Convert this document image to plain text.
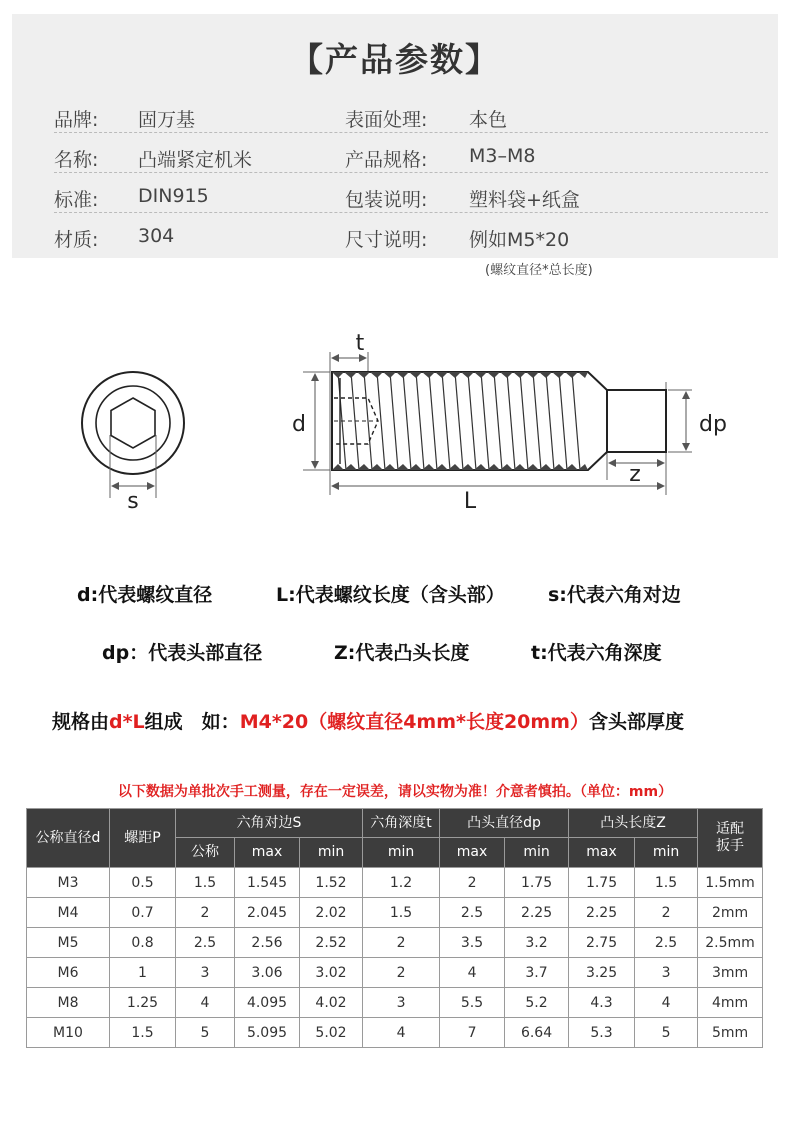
【产品参数】
品牌: 固万基	表面处理: 本色
名称: 凸端紧定机米	产品规格: M3–M8
标准: DIN915	包装说明: 塑料袋+纸盒
材质: 304	尺寸说明: 例如M5*20
(螺纹直径*总长度)
s
t
d	dp
z
L
d:代表螺纹直径	L:代表螺纹长度（含头部） s:代表六角对边
dp：代表头部直径	Z:代表凸头长度	t:代表六角深度
规格由d*L组成　如：M4*20（螺纹直径4mm*长度20mm）含头部厚度
以下数据为单批次手工测量，存在一定误差，请以实物为准！介意者慎拍。（单位：mm）
公称直径d	螺距P	六角对边S			六角深度t	凸头直径dp		凸头长度Z		适配扳手
		公称	max	min	min	max	min	max	min	
M3	0.5	1.5	1.545	1.52	1.2	2	1.75	1.75	1.5	1.5mm
M4	0.7	2	2.045	2.02	1.5	2.5	2.25	2.25	2	2mm
M5	0.8	2.5	2.56	2.52	2	3.5	3.2	2.75	2.5	2.5mm
M6	1	3	3.06	3.02	2	4	3.7	3.25	3	3mm
M8	1.25	4	4.095	4.02	3	5.5	5.2	4.3	4	4mm
M10	1.5	5	5.095	5.02	4	7	6.64	5.3	5	5mm
